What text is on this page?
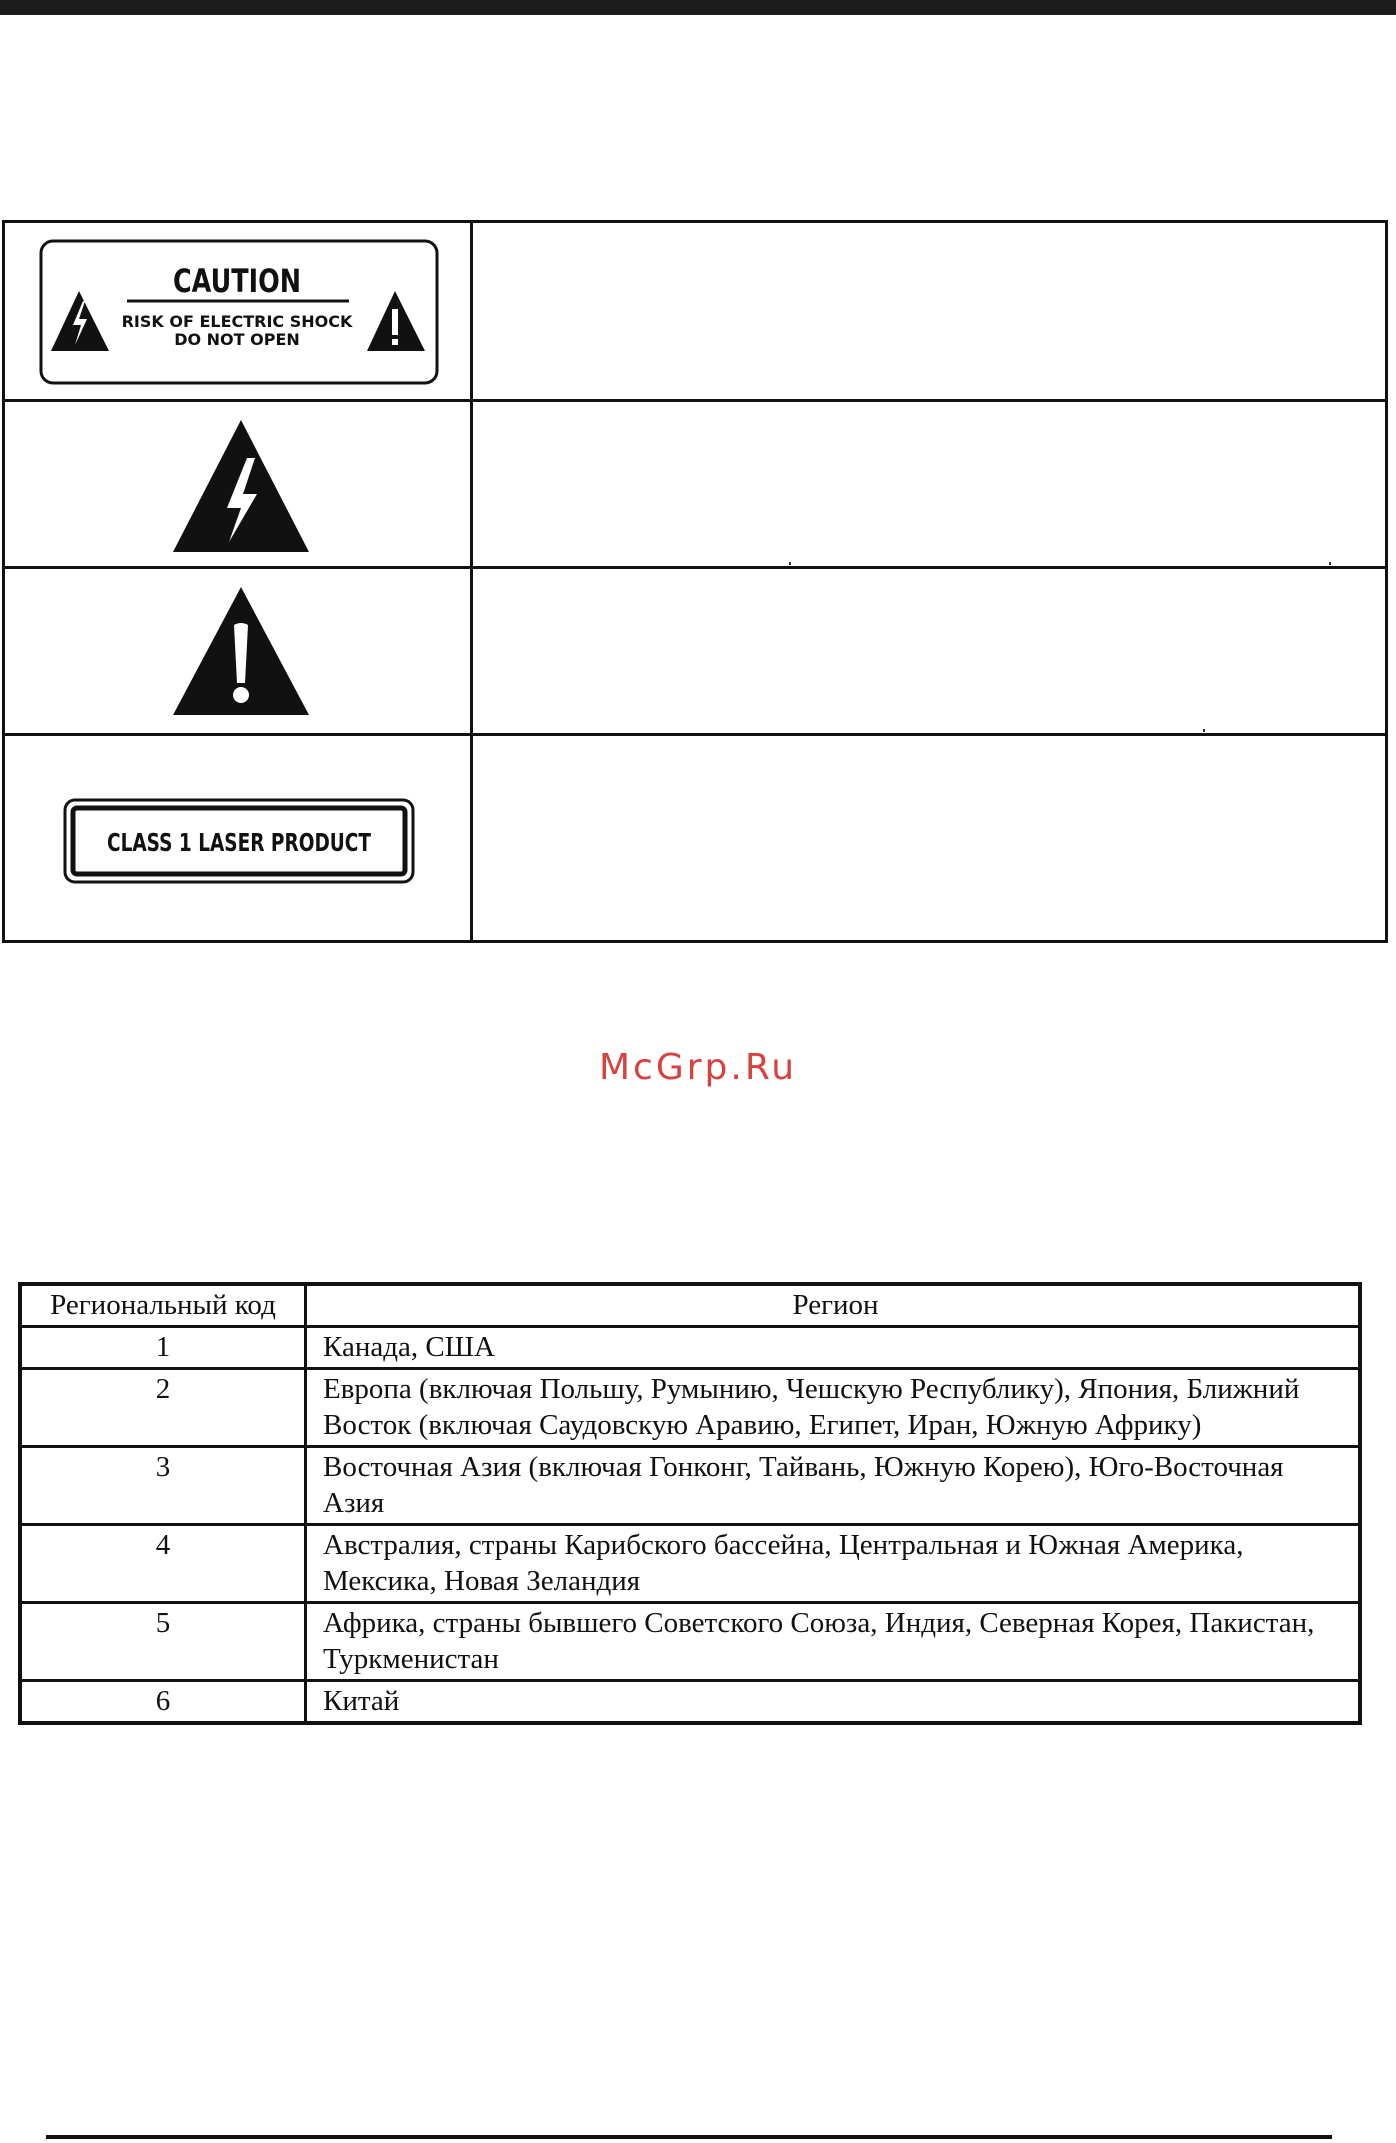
CAUTION
RISK OF ELECTRIC SHOCK
DO NOT OPEN
CLASS 1 LASER PRODUCT
McGrp.Ru
Региональный код	Регион
1	Канада, США
2	Европа (включая Польшу, Румынию, Чешскую Республику), Япония, Ближний Восток (включая Саудовскую Аравию, Египет, Иран, Южную Африку)
3	Восточная Азия (включая Гонконг, Тайвань, Южную Корею), Юго-Восточная Азия
4	Австралия, страны Карибского бассейна, Центральная и Южная Америка, Мексика, Новая Зеландия
5	Африка, страны бывшего Советского Союза, Индия, Северная Корея, Пакистан, Туркменистан
6	Китай
